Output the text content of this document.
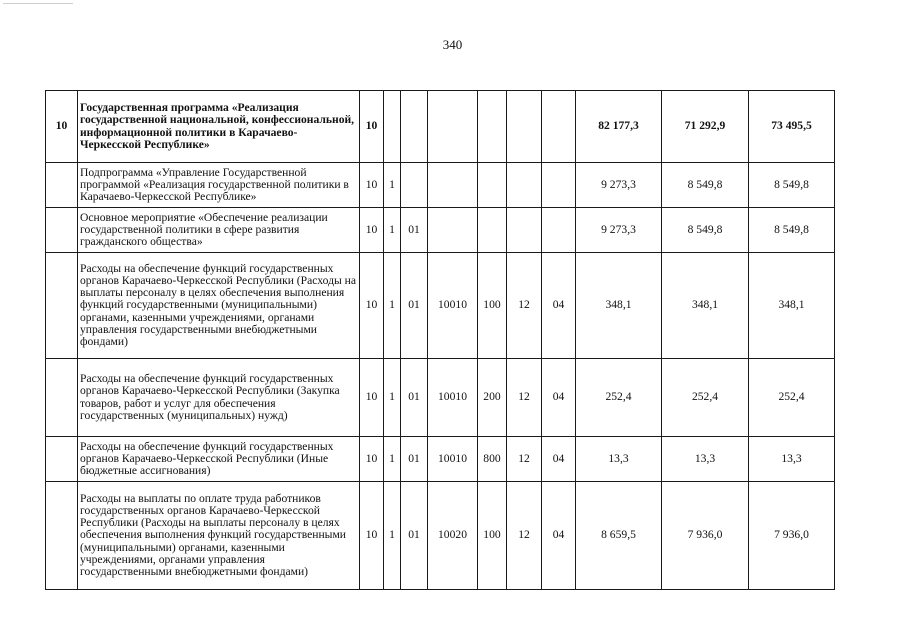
340
10	Государственная программа «Реализация государственной национальной, конфессиональной, информационной политики в Карачаево-Черкесской Республике»	10							82 177,3	71 292,9	73 495,5
	Подпрограмма «Управление Государственной программой «Реализация государственной политики в Карачаево-Черкесской Республике»	10	1						9 273,3	8 549,8	8 549,8
	Основное мероприятие «Обеспечение реализации государственной политики в сфере развития гражданского общества»	10	1	01					9 273,3	8 549,8	8 549,8
	Расходы на обеспечение функций государственных органов Карачаево-Черкесской Республики (Расходы на выплаты персоналу в целях обеспечения выполнения функций государственными (муниципальными) органами, казенными учреждениями, органами управления государственными внебюджетными фондами)	10	1	01	10010	100	12	04	348,1	348,1	348,1
	Расходы на обеспечение функций государственных органов Карачаево-Черкесской Республики (Закупка товаров, работ и услуг для обеспечения государственных (муниципальных) нужд)	10	1	01	10010	200	12	04	252,4	252,4	252,4
	Расходы на обеспечение функций государственных органов Карачаево-Черкесской Республики (Иные бюджетные ассигнования)	10	1	01	10010	800	12	04	13,3	13,3	13,3
	Расходы на выплаты по оплате труда работников государственных органов Карачаево-Черкесской Республики (Расходы на выплаты персоналу в целях обеспечения выполнения функций государственными (муниципальными) органами, казенными учреждениями, органами управления государственными внебюджетными фондами)	10	1	01	10020	100	12	04	8 659,5	7 936,0	7 936,0
